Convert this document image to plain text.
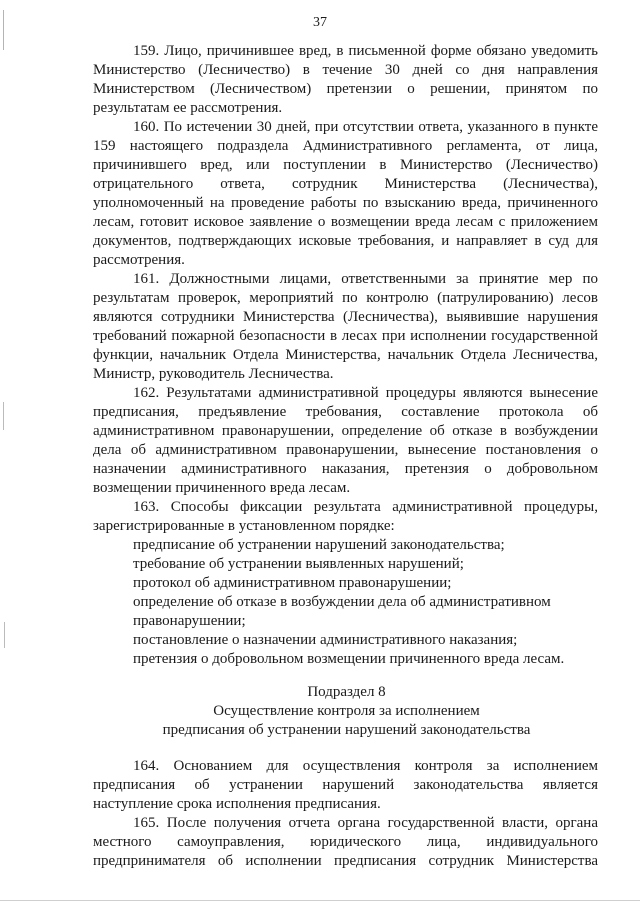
37
159. Лицо, причинившее вред, в письменной форме обязано уведомить
Министерство (Лесничество) в течение 30 дней со дня направления
Министерством (Лесничеством) претензии о решении, принятом по
результатам ее рассмотрения.
160. По истечении 30 дней, при отсутствии ответа, указанного в пункте
159 настоящего подраздела Административного регламента, от лица,
причинившего вред, или поступлении в Министерство (Лесничество)
отрицательного ответа, сотрудник Министерства (Лесничества),
уполномоченный на проведение работы по взысканию вреда, причиненного
лесам, готовит исковое заявление о возмещении вреда лесам с приложением
документов, подтверждающих исковые требования, и направляет в суд для
рассмотрения.
161. Должностными лицами, ответственными за принятие мер по
результатам проверок, мероприятий по контролю (патрулированию) лесов
являются сотрудники Министерства (Лесничества), выявившие нарушения
требований пожарной безопасности в лесах при исполнении государственной
функции, начальник Отдела Министерства, начальник Отдела Лесничества,
Министр, руководитель Лесничества.
162. Результатами административной процедуры являются вынесение
предписания, предъявление требования, составление протокола об
административном правонарушении, определение об отказе в возбуждении
дела об административном правонарушении, вынесение постановления о
назначении административного наказания, претензия о добровольном
возмещении причиненного вреда лесам.
163. Способы фиксации результата административной процедуры,
зарегистрированные в установленном порядке:
предписание об устранении нарушений законодательства;
требование об устранении выявленных нарушений;
протокол об административном правонарушении;
определение об отказе в возбуждении дела об административном
правонарушении;
постановление о назначении административного наказания;
претензия о добровольном возмещении причиненного вреда лесам.
Подраздел 8
Осуществление контроля за исполнением
предписания об устранении нарушений законодательства
164. Основанием для осуществления контроля за исполнением
предписания об устранении нарушений законодательства является
наступление срока исполнения предписания.
165. После получения отчета органа государственной власти, органа
местного самоуправления, юридического лица, индивидуального
предпринимателя об исполнении предписания сотрудник Министерства
